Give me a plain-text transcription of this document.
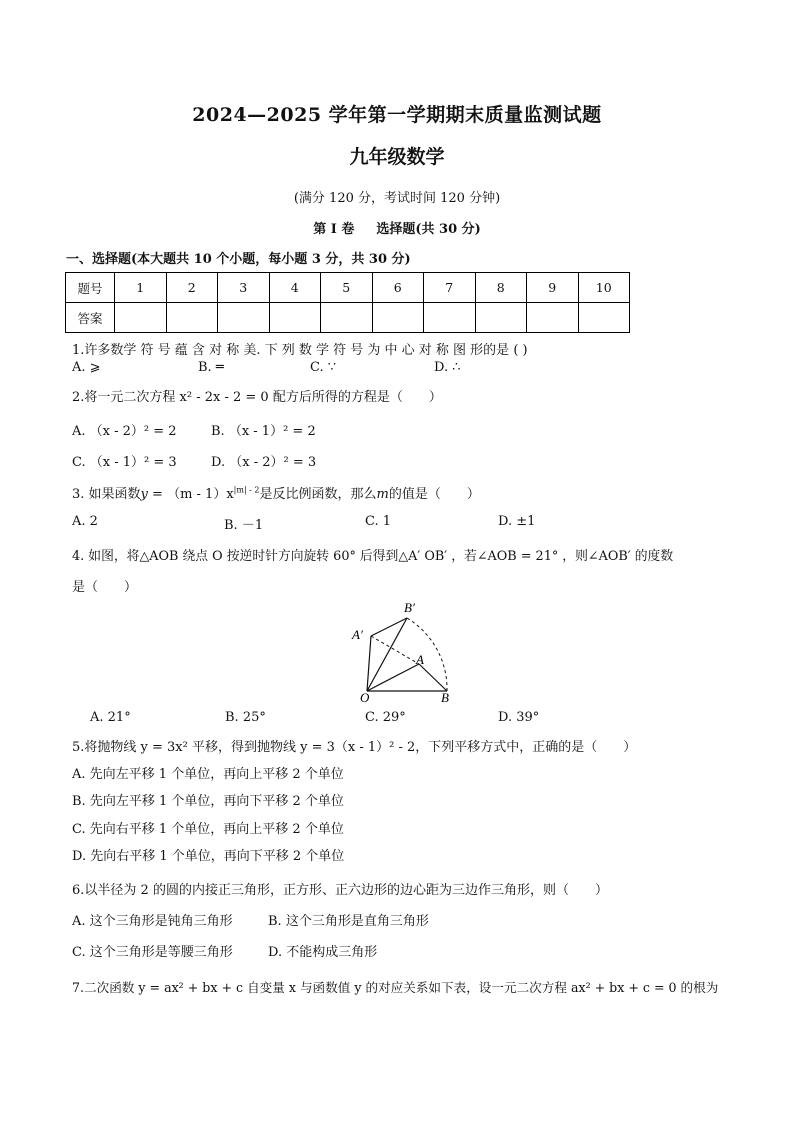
2024—2025 学年第一学期期末质量监测试题
九年级数学
(满分 120 分，考试时间 120 分钟)
第 I 卷 选择题(共 30 分)
一、选择题(本大题共 10 个小题，每小题 3 分，共 30 分)
题号	1	2	3	4	5	6	7	8	9	10
答案										
1.许多数学 符 号 蕴 含 对 称 美. 下 列 数 学 符 号 为 中 心 对 称 图 形的是 ( )
A. ⩾	B. ═	C. ∵	D. ∴
2.将一元二次方程 x² - 2x - 2 = 0 配方后所得的方程是（　　）
A. （x - 2）² = 2	B. （x - 1）² = 2
C. （x - 1）² = 3	D. （x - 2）² = 3
3. 如果函数$y = (m - 1)x^{|m| - 2}$是反比例函数，那么m的值是（　　）
A. 2	B. －1	C. 1	D. ±1
4. 如图，将△AOB 绕点 O 按逆时针方向旋转 60° 后得到△A′ OB′ ，若∠AOB = 21° ，则∠AOB′ 的度数
是（　　）
B′
A′
A
O	B
A. 21°	B. 25°	C. 29°	D. 39°
5.将抛物线 y = 3x² 平移，得到抛物线 y = 3（x - 1）² - 2，下列平移方式中，正确的是（　　）
A. 先向左平移 1 个单位，再向上平移 2 个单位
B. 先向左平移 1 个单位，再向下平移 2 个单位
C. 先向右平移 1 个单位，再向上平移 2 个单位
D. 先向右平移 1 个单位，再向下平移 2 个单位
6.以半径为 2 的圆的内接正三角形，正方形、正六边形的边心距为三边作三角形，则（　　）
A. 这个三角形是钝角三角形	B. 这个三角形是直角三角形
C. 这个三角形是等腰三角形	D. 不能构成三角形
7.二次函数 y = ax² + bx + c 自变量 x 与函数值 y 的对应关系如下表，设一元二次方程 ax² + bx + c = 0 的根为
